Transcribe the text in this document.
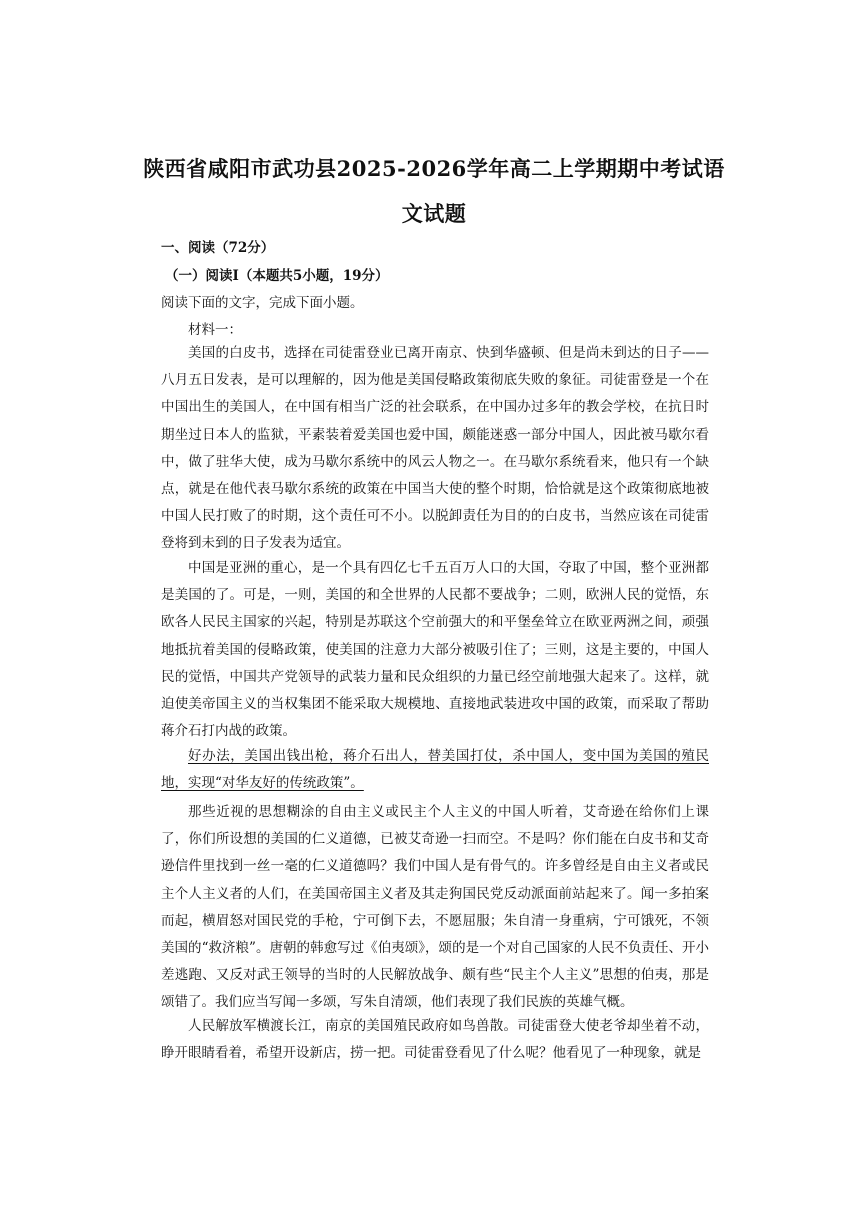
陕西省咸阳市武功县2025-2026学年高二上学期期中考试语
文试题
一、阅读（72分）
（一）阅读Ⅰ（本题共5小题，19分）
阅读下面的文字，完成下面小题。
材料一：

美国的白皮书，选择在司徒雷登业已离开南京、快到华盛顿、但是尚未到达的日子——八月五日发表，是可以理解的，因为他是美国侵略政策彻底失败的象征。司徒雷登是一个在中国出生的美国人，在中国有相当广泛的社会联系，在中国办过多年的教会学校，在抗日时期坐过日本人的监狱，平素装着爱美国也爱中国，颇能迷惑一部分中国人，因此被马歇尔看中，做了驻华大使，成为马歇尔系统中的风云人物之一。在马歇尔系统看来，他只有一个缺点，就是在他代表马歇尔系统的政策在中国当大使的整个时期，恰恰就是这个政策彻底地被中国人民打败了的时期，这个责任可不小。以脱卸责任为目的的白皮书，当然应该在司徒雷登将到未到的日子发表为适宜。

中国是亚洲的重心，是一个具有四亿七千五百万人口的大国，夺取了中国，整个亚洲都是美国的了。可是，一则，美国的和全世界的人民都不要战争；二则，欧洲人民的觉悟，东欧各人民民主国家的兴起，特别是苏联这个空前强大的和平堡垒耸立在欧亚两洲之间，顽强地抵抗着美国的侵略政策，使美国的注意力大部分被吸引住了；三则，这是主要的，中国人民的觉悟，中国共产党领导的武装力量和民众组织的力量已经空前地强大起来了。这样，就迫使美帝国主义的当权集团不能采取大规模地、直接地武装进攻中国的政策，而采取了帮助蒋介石打内战的政策。

好办法，美国出钱出枪，蒋介石出人，替美国打仗，杀中国人，变中国为美国的殖民地，实现“对华友好的传统政策”。

那些近视的思想糊涂的自由主义或民主个人主义的中国人听着，艾奇逊在给你们上课了，你们所设想的美国的仁义道德，已被艾奇逊一扫而空。不是吗？你们能在白皮书和艾奇逊信件里找到一丝一毫的仁义道德吗？我们中国人是有骨气的。许多曾经是自由主义者或民主个人主义者的人们，在美国帝国主义者及其走狗国民党反动派面前站起来了。闻一多拍案而起，横眉怒对国民党的手枪，宁可倒下去，不愿屈服；朱自清一身重病，宁可饿死，不领美国的“救济粮”。唐朝的韩愈写过《伯夷颂》，颂的是一个对自己国家的人民不负责任、开小差逃跑、又反对武王领导的当时的人民解放战争、颇有些“民主个人主义”思想的伯夷，那是颂错了。我们应当写闻一多颂，写朱自清颂，他们表现了我们民族的英雄气概。

人民解放军横渡长江，南京的美国殖民政府如鸟兽散。司徒雷登大使老爷却坐着不动，睁开眼睛看着，希望开设新店，捞一把。司徒雷登看见了什么呢？他看见了一种现象，就是
